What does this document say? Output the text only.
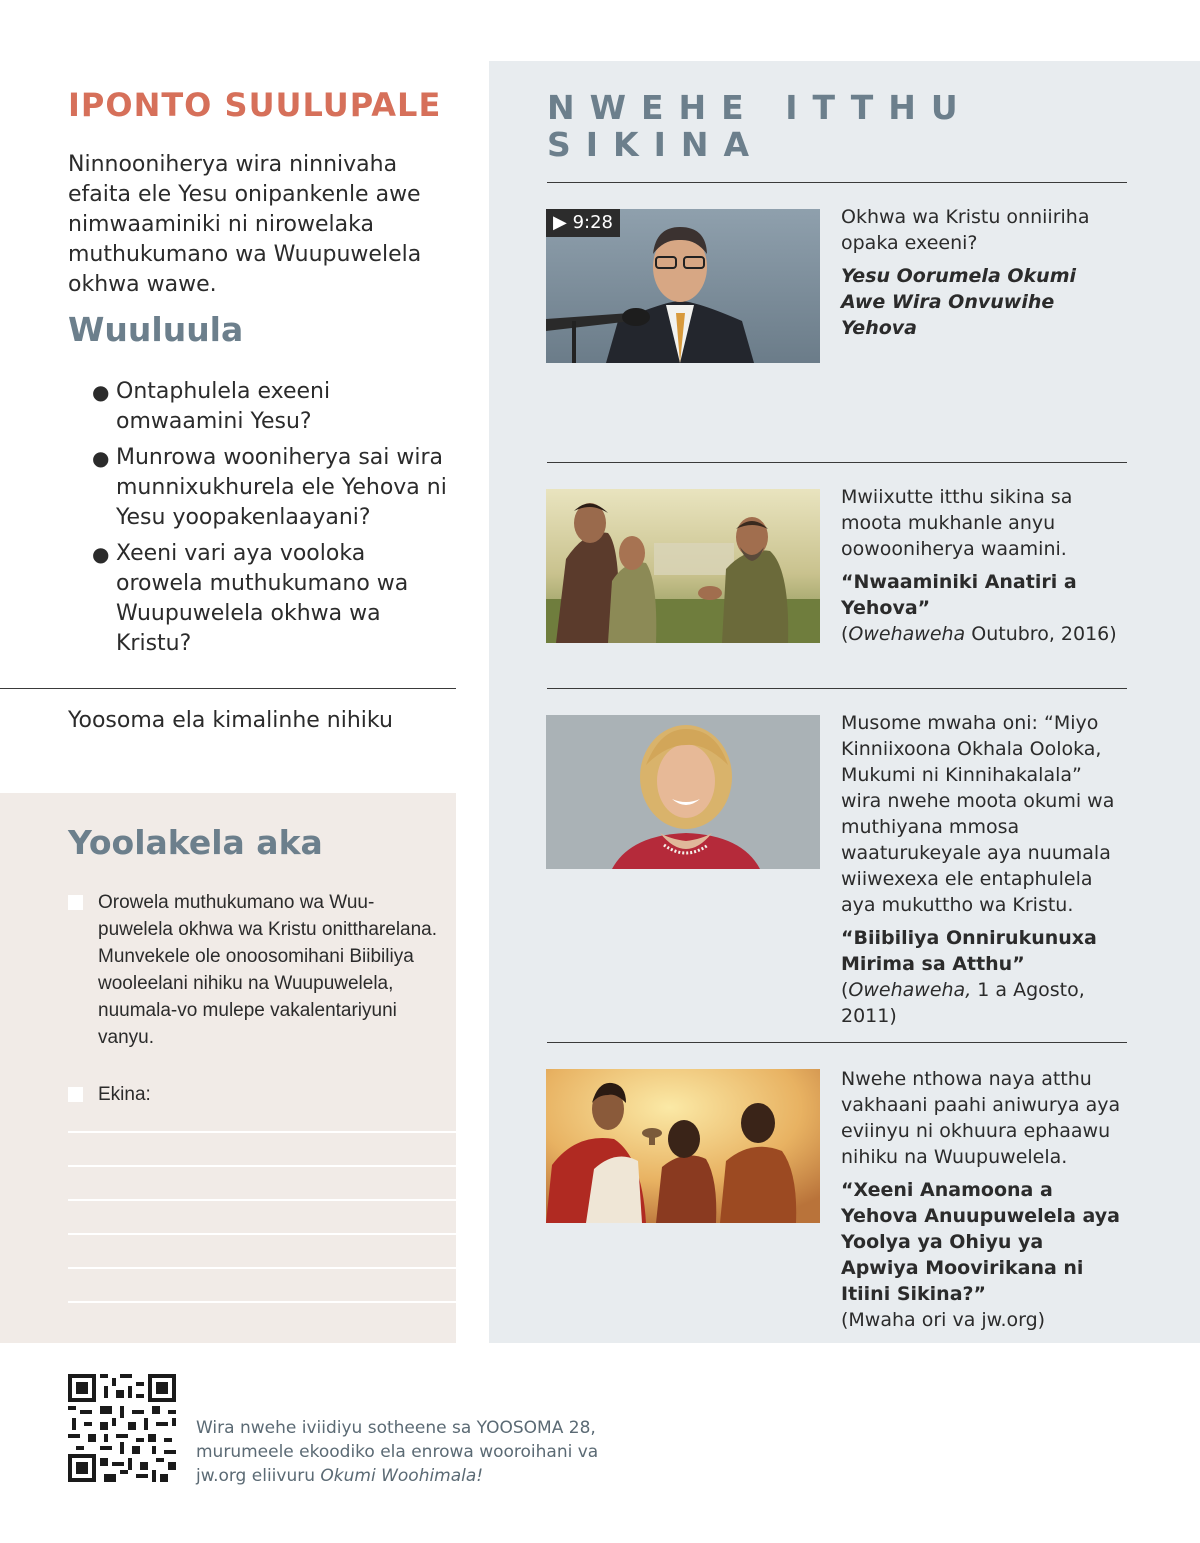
IPONTO SUULUPALE

Ninnooniherya wira ninnivaha efaita ele Yesu onipankenle awe nimwaaminiki ni nirowelaka muthukumano wa Wuupuwelela okhwa wawe.

Wuuluula
● Ontaphulela exeeni omwaamini Yesu?
● Munrowa wooniherya sai wira munnixukhurela ele Yehova ni Yesu yoopakenlaayani?
● Xeeni vari aya vooloka orowela muthukumano wa Wuupuwelela okhwa wa Kristu?
Yoosoma ela kimalinhe nihiku
Yoolakela aka
Orowela muthukumano wa Wuupuwelela okhwa wa Kristu onittharelana. Munvekele ole onoosomihani Biibiliya wooleelani nihiku na Wuupuwelela, nuumala-vo mulepe vakalentariyuni vanyu.
Ekina:
NWEHE ITTHU SIKINA
▶ 9:28	Okhwa wa Kristu onniiriha opaka exeeni?
Yesu Oorumela Okumi Awe Wira Onvuwihe Yehova
Mwiixutte itthu sikina sa moota mukhanle anyu oowooniherya waamini.
“Nwaaminiki Anatiri a Yehova”
(Owehaweha Outubro, 2016)
Musome mwaha oni: “Miyo Kinniixoona Okhala Ooloka, Mukumi ni Kinnihakalala” wira nwehe moota okumi wa muthiyana mmosa waaturukeyale aya nuumala wiiwexexa ele entaphulela aya mukuttho wa Kristu.
“Biibiliya Onnirukunuxa Mirima sa Atthu” (Owehaweha, 1 a Agosto, 2011)
Nwehe nthowa naya atthu vakhaani paahi aniwurya aya eviinyu ni okhuura ephaawu nihiku na Wuupuwelela.
“Xeeni Anamoona a Yehova Anuupuwelela aya Yoolya ya Ohiyu ya Apwiya Moovirikana ni Itiini Sikina?”
(Mwaha ori va jw.org)

Wira nwehe iviidiyu sotheene sa YOOSOMA 28, murumeele ekoodiko ela enrowa wooroihani va jw.org eliivuru Okumi Woohimala!
